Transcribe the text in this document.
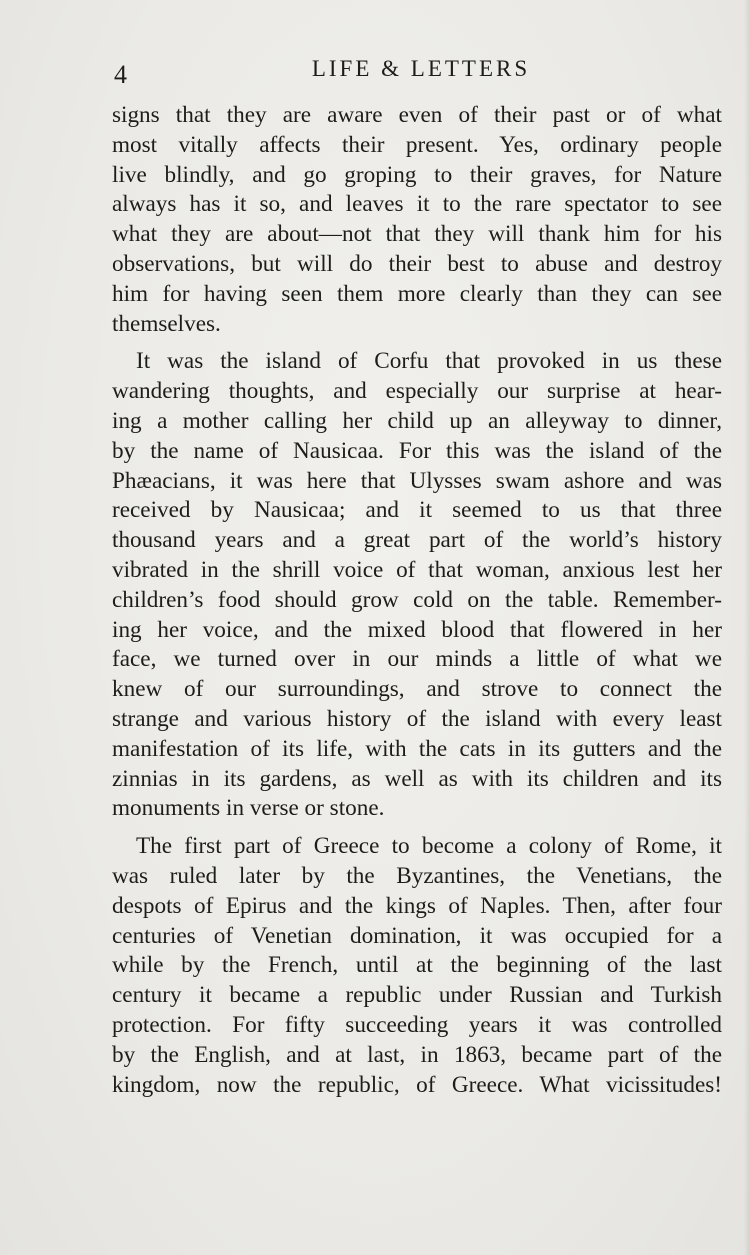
4	LIFE & LETTERS
signs that they are aware even of their past or of what
most vitally affects their present. Yes, ordinary people
live blindly, and go groping to their graves, for Nature
always has it so, and leaves it to the rare spectator to see
what they are about—not that they will thank him for his
observations, but will do their best to abuse and destroy
him for having seen them more clearly than they can see
themselves.
It was the island of Corfu that provoked in us these
wandering thoughts, and especially our surprise at hear-
ing a mother calling her child up an alleyway to dinner,
by the name of Nausicaa. For this was the island of the
Phæacians, it was here that Ulysses swam ashore and was
received by Nausicaa; and it seemed to us that three
thousand years and a great part of the world’s history
vibrated in the shrill voice of that woman, anxious lest her
children’s food should grow cold on the table. Remember-
ing her voice, and the mixed blood that flowered in her
face, we turned over in our minds a little of what we
knew of our surroundings, and strove to connect the
strange and various history of the island with every least
manifestation of its life, with the cats in its gutters and the
zinnias in its gardens, as well as with its children and its
monuments in verse or stone.
The first part of Greece to become a colony of Rome, it
was ruled later by the Byzantines, the Venetians, the
despots of Epirus and the kings of Naples. Then, after four
centuries of Venetian domination, it was occupied for a
while by the French, until at the beginning of the last
century it became a republic under Russian and Turkish
protection. For fifty succeeding years it was controlled
by the English, and at last, in 1863, became part of the
kingdom, now the republic, of Greece. What vicissitudes!
